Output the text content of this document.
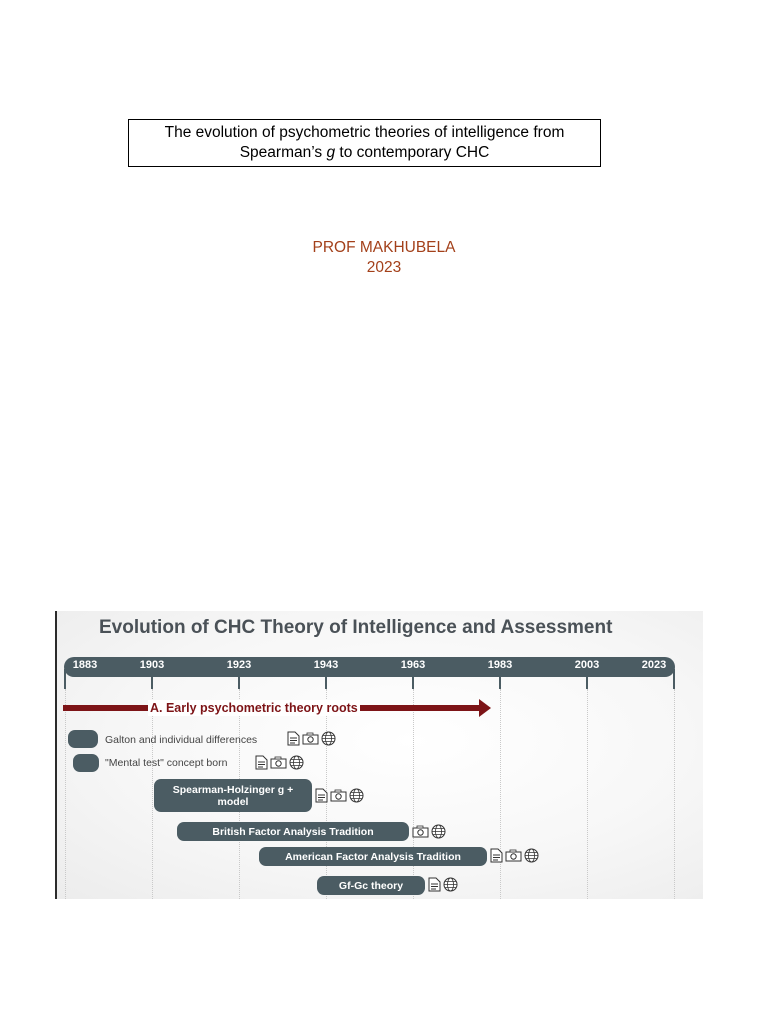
The evolution of psychometric theories of intelligence from
Spearman’s g to contemporary CHC
PROF MAKHUBELA
2023
Evolution of CHC Theory of Intelligence and Assessment
1883	1903	1923	1943	1963	1983	2003	2023
A. Early psychometric theory roots
Galton and individual differences
"Mental test" concept born
Spearman-Holzinger g + model
British Factor Analysis Tradition
American Factor Analysis Tradition
Gf-Gc theory
